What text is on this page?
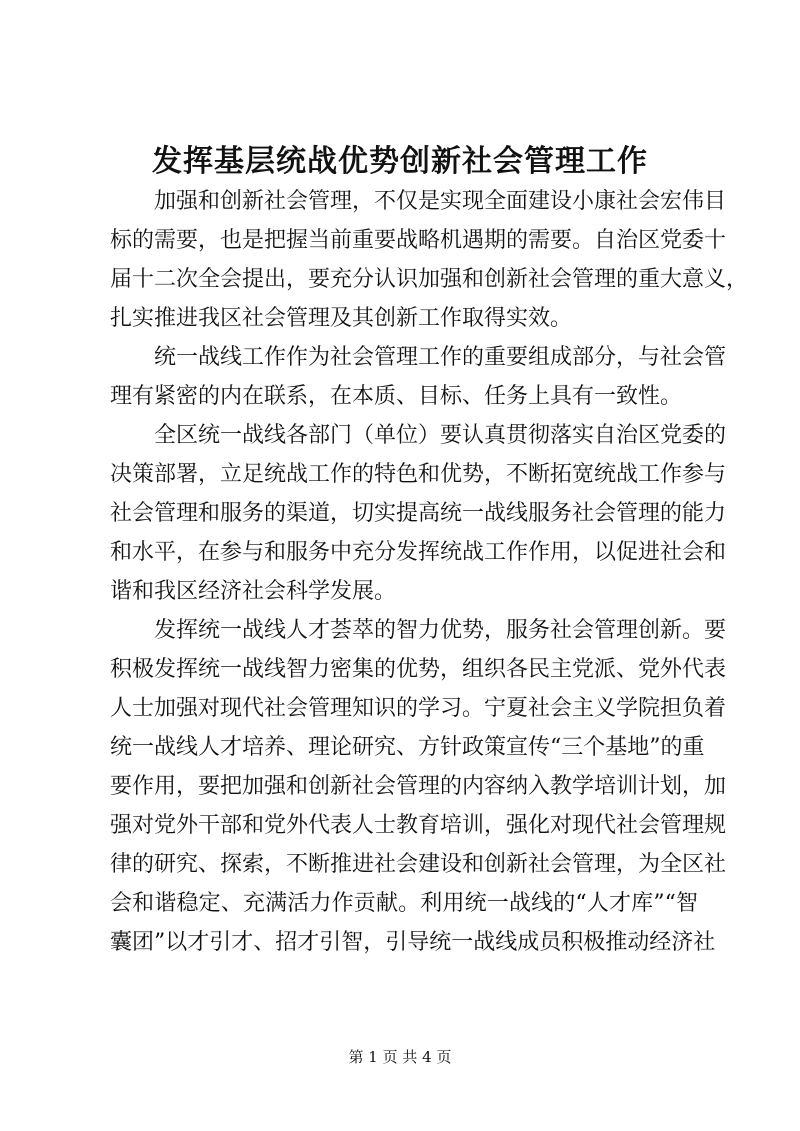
发挥基层统战优势创新社会管理工作
加强和创新社会管理，不仅是实现全面建设小康社会宏伟目
标的需要，也是把握当前重要战略机遇期的需要。自治区党委十
届十二次全会提出，要充分认识加强和创新社会管理的重大意义，
扎实推进我区社会管理及其创新工作取得实效。
统一战线工作作为社会管理工作的重要组成部分，与社会管
理有紧密的内在联系，在本质、目标、任务上具有一致性。
全区统一战线各部门（单位）要认真贯彻落实自治区党委的
决策部署，立足统战工作的特色和优势，不断拓宽统战工作参与
社会管理和服务的渠道，切实提高统一战线服务社会管理的能力
和水平，在参与和服务中充分发挥统战工作作用，以促进社会和
谐和我区经济社会科学发展。
发挥统一战线人才荟萃的智力优势，服务社会管理创新。要
积极发挥统一战线智力密集的优势，组织各民主党派、党外代表
人士加强对现代社会管理知识的学习。宁夏社会主义学院担负着
统一战线人才培养、理论研究、方针政策宣传“三个基地”的重
要作用，要把加强和创新社会管理的内容纳入教学培训计划，加
强对党外干部和党外代表人士教育培训，强化对现代社会管理规
律的研究、探索，不断推进社会建设和创新社会管理，为全区社
会和谐稳定、充满活力作贡献。利用统一战线的“人才库”“智
囊团”以才引才、招才引智，引导统一战线成员积极推动经济社
第 1 页 共 4 页
